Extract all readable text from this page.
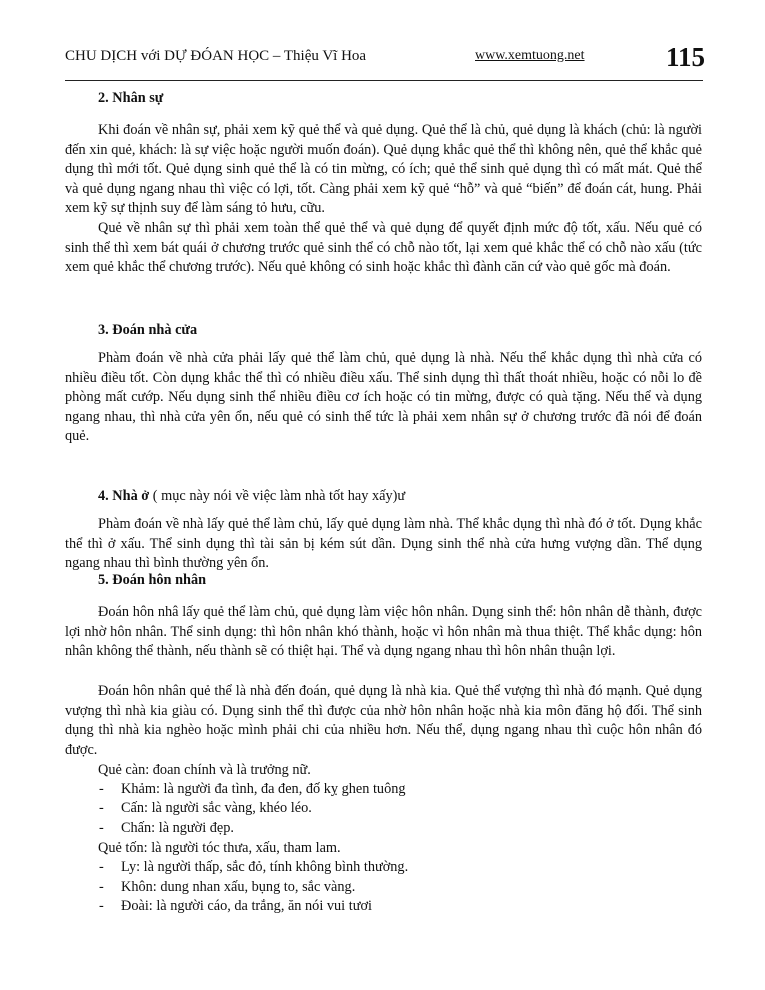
CHU DỊCH với DỰ ĐÓAN HỌC – Thiệu Vĩ Hoa	www.xemtuong.net	115
2. Nhân sự
Khi đoán về nhân sự, phải xem kỹ quẻ thể và quẻ dụng. Quẻ thể là chủ, quẻ dụng là khách (chủ: là người đến xin quẻ, khách: là sự việc hoặc người muốn đoán). Quẻ dụng khắc quẻ thể thì không nên, quẻ thể khắc quẻ dụng thì mới tốt. Quẻ dụng sinh quẻ thể là có tin mừng, có ích; quẻ thể sinh quẻ dụng thì có mất mát. Quẻ thể và quẻ dụng ngang nhau thì việc có lợi, tốt. Càng phải xem kỹ quẻ “hỗ” và quẻ “biến” để đoán cát, hung. Phải xem kỹ sự thịnh suy để làm sáng tỏ hưu, cữu.
Quẻ về nhân sự thì phải xem toàn thể quẻ thể và quẻ dụng để quyết định mức độ tốt, xấu. Nếu quẻ có sinh thể thì xem bát quái ở chương trước quẻ sinh thể có chỗ nào tốt, lại xem quẻ khắc thể có chỗ nào xấu (tức xem quẻ khắc thể chương trước). Nếu quẻ không có sinh hoặc khắc thì đành căn cứ vào quẻ gốc mà đoán.
3. Đoán nhà cửa
Phàm đoán về nhà cửa phải lấy quẻ thể làm chủ, quẻ dụng là nhà. Nếu thể khắc dụng thì nhà cửa có nhiều điều tốt. Còn dụng khắc thể thì có nhiều điều xấu. Thể sinh dụng thì thất thoát nhiều, hoặc có nỗi lo đề phòng mất cướp. Nếu dụng sinh thể nhiều điều cơ ích hoặc có tin mừng, được có quà tặng. Nếu thể và dụng ngang nhau, thì nhà cửa yên ổn, nếu quẻ có sinh thể tức là phải xem nhân sự ở chương trước đã nói để đoán quẻ.
4. Nhà ở ( mục này nói về việc làm nhà tốt hay xấy)ư
Phàm đoán về nhà lấy quẻ thể làm chủ, lấy quẻ dụng làm nhà. Thể khắc dụng thì nhà đó ở tốt. Dụng khắc thể thì ở xấu. Thể sinh dụng thì tài sản bị kém sút dần. Dụng sinh thể nhà cửa hưng vượng dần. Thể dụng ngang nhau thì bình thường yên ổn.
5. Đoán hôn nhân
Đoán hôn nhâ lấy quẻ thể làm chủ, quẻ dụng làm việc hôn nhân. Dụng sinh thể: hôn nhân dễ thành, được lợi nhờ hôn nhân. Thể sinh dụng: thì hôn nhân khó thành, hoặc vì hôn nhân mà thua thiệt. Thể khắc dụng: hôn nhân không thể thành, nếu thành sẽ có thiệt hại. Thể và dụng ngang nhau thì hôn nhân thuận lợi.
Đoán hôn nhân quẻ thể là nhà đến đoán, quẻ dụng là nhà kia. Quẻ thể vượng thì nhà đó mạnh. Quẻ dụng vượng thì nhà kia giàu có. Dụng sinh thể thì được của nhờ hôn nhân hoặc nhà kia môn đăng hộ đối. Thể sinh dụng thì nhà kia nghèo hoặc mình phải chi của nhiều hơn. Nếu thể, dụng ngang nhau thì cuộc hôn nhân đó được.
Quẻ càn: đoan chính và là trưởng nữ.
- Khảm: là người đa tình, đa đen, đố kỵ ghen tuông
- Cấn: là người sắc vàng, khéo léo.
- Chấn: là người đẹp.
Quẻ tốn: là người tóc thưa, xấu, tham lam.
- Ly: là người thấp, sắc đỏ, tính không bình thường.
- Khôn: dung nhan xấu, bụng to, sắc vàng.
- Đoài: là người cáo, da trắng, ăn nói vui tươi
